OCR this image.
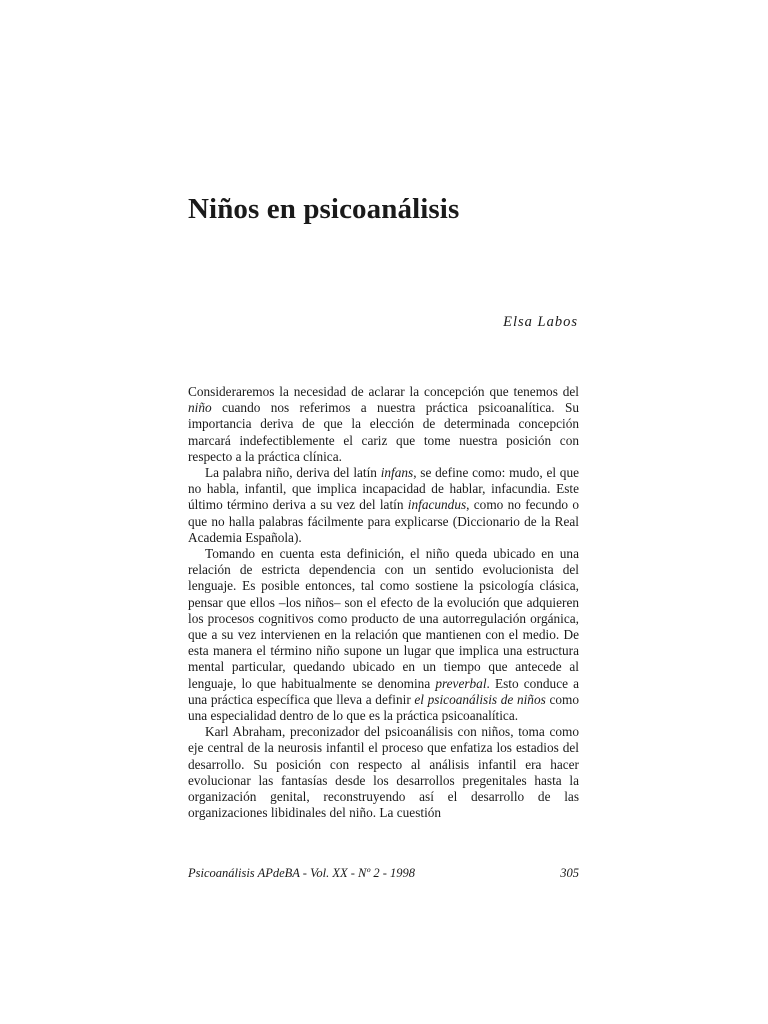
Niños en psicoanálisis
Elsa Labos

Consideraremos la necesidad de aclarar la concepción que tenemos del niño cuando nos referimos a nuestra práctica psicoanalítica. Su importancia deriva de que la elección de determinada concepción marcará indefectiblemente el cariz que tome nuestra posición con respecto a la práctica clínica.

La palabra niño, deriva del latín infans, se define como: mudo, el que no habla, infantil, que implica incapacidad de hablar, infacundia. Este último término deriva a su vez del latín infacundus, como no fecundo o que no halla palabras fácilmente para explicarse (Diccionario de la Real Academia Española).

Tomando en cuenta esta definición, el niño queda ubicado en una relación de estricta dependencia con un sentido evolucionista del lenguaje. Es posible entonces, tal como sostiene la psicología clásica, pensar que ellos –los niños– son el efecto de la evolución que adquieren los procesos cognitivos como producto de una autorregulación orgánica, que a su vez intervienen en la relación que mantienen con el medio. De esta manera el término niño supone un lugar que implica una estructura mental particular, quedando ubicado en un tiempo que antecede al lenguaje, lo que habitualmente se denomina preverbal. Esto conduce a una práctica específica que lleva a definir el psicoanálisis de niños como una especialidad dentro de lo que es la práctica psicoanalítica.

Karl Abraham, preconizador del psicoanálisis con niños, toma como eje central de la neurosis infantil el proceso que enfatiza los estadios del desarrollo. Su posición con respecto al análisis infantil era hacer evolucionar las fantasías desde los desarrollos pregenitales hasta la organización genital, reconstruyendo así el desarrollo de las organizaciones libidinales del niño. La cuestión

Psicoanálisis APdeBA - Vol. XX - Nº 2 - 1998	305
